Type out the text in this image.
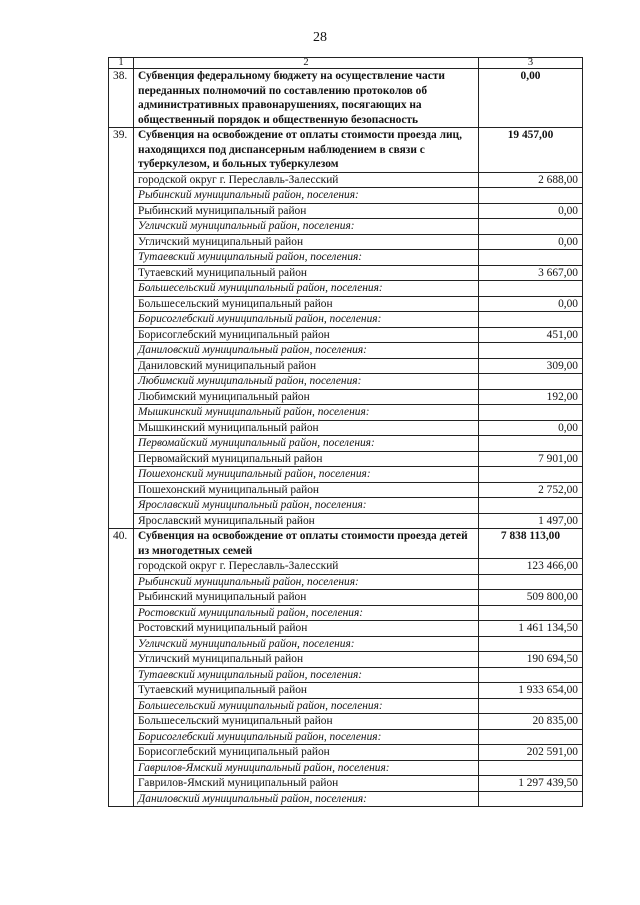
28
1	2	3
38.	Субвенция федеральному бюджету на осуществление части переданных полномочий по составлению протоколов об административных правонарушениях, посягающих на общественный порядок и общественную безопасность	0,00
39.	Субвенция на освобождение от оплаты стоимости проезда лиц, находящихся под диспансерным наблюдением в связи с туберкулезом, и больных туберкулезом	19 457,00
	городской округ г. Переславль-Залесский	2 688,00
	Рыбинский муниципальный район, поселения:	
	Рыбинский муниципальный район	0,00
	Угличский муниципальный район, поселения:	
	Угличский муниципальный район	0,00
	Тутаевский муниципальный район, поселения:	
	Тутаевский муниципальный район	3 667,00
	Большесельский муниципальный район, поселения:	
	Большесельский муниципальный район	0,00
	Борисоглебский муниципальный район, поселения:	
	Борисоглебский муниципальный район	451,00
	Даниловский муниципальный район, поселения:	
	Даниловский муниципальный район	309,00
	Любимский муниципальный район, поселения:	
	Любимский муниципальный район	192,00
	Мышкинский муниципальный район, поселения:	
	Мышкинский муниципальный район	0,00
	Первомайский муниципальный район, поселения:	
	Первомайский муниципальный район	7 901,00
	Пошехонский муниципальный район, поселения:	
	Пошехонский муниципальный район	2 752,00
	Ярославский муниципальный район, поселения:	
	Ярославский муниципальный район	1 497,00
40.	Субвенция на освобождение от оплаты стоимости проезда детей из многодетных семей	7 838 113,00
	городской округ г. Переславль-Залесский	123 466,00
	Рыбинский муниципальный район, поселения:	
	Рыбинский муниципальный район	509 800,00
	Ростовский муниципальный район, поселения:	
	Ростовский муниципальный район	1 461 134,50
	Угличский муниципальный район, поселения:	
	Угличский муниципальный район	190 694,50
	Тутаевский муниципальный район, поселения:	
	Тутаевский муниципальный район	1 933 654,00
	Большесельский муниципальный район, поселения:	
	Большесельский муниципальный район	20 835,00
	Борисоглебский муниципальный район, поселения:	
	Борисоглебский муниципальный район	202 591,00
	Гаврилов-Ямский муниципальный район, поселения:	
	Гаврилов-Ямский муниципальный район	1 297 439,50
	Даниловский муниципальный район, поселения:	
